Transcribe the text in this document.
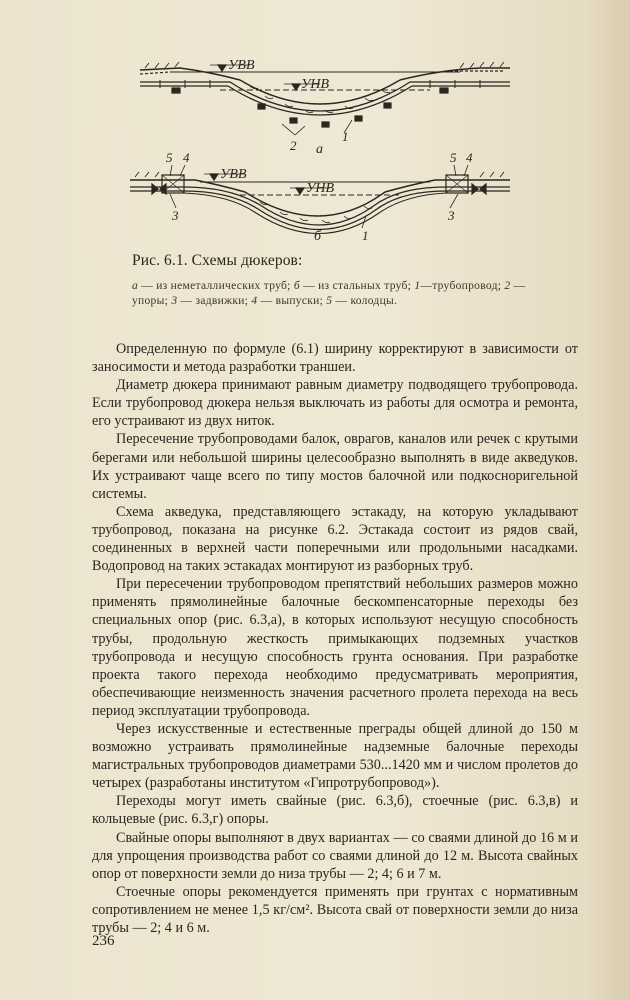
УВВ
УНВ
2 а
1
5 4
3
5 4
3
УВВ
УНВ
б	1
Рис. 6.1. Схемы дюкеров:
а — из неметаллических труб; б — из стальных труб; 1—трубопровод; 2 — упоры; 3 — задвижки; 4 — выпуски; 5 — колодцы.

Определенную по формуле (6.1) ширину корректируют в зависимости от заносимости и метода разработки траншеи.

Диаметр дюкера принимают равным диаметру подводящего трубопровода. Если трубопровод дюкера нельзя выключать из работы для осмотра и ремонта, его устраивают из двух ниток.

Пересечение трубопроводами балок, оврагов, каналов или речек с крутыми берегами или небольшой ширины целесообразно выполнять в виде акведуков. Их устраивают чаще всего по типу мостов балочной или подкосноригельной системы.

Схема акведука, представляющего эстакаду, на которую укладывают трубопровод, показана на рисунке 6.2. Эстакада состоит из рядов свай, соединенных в верхней части поперечными или продольными насадками. Водопровод на таких эстакадах монтируют из разборных труб.

При пересечении трубопроводом препятствий небольших размеров можно применять прямолинейные балочные бескомпенсаторные переходы без специальных опор (рис. 6.3,а), в которых используют несущую способность трубы, продольную жесткость примыкающих подземных участков трубопровода и несущую способность грунта основания. При разработке проекта такого перехода необходимо предусматривать мероприятия, обеспечивающие неизменность значения расчетного пролета перехода на весь период эксплуатации трубопровода.

Через искусственные и естественные преграды общей длиной до 150 м возможно устраивать прямолинейные надземные балочные переходы магистральных трубопроводов диаметрами 530...1420 мм и числом пролетов до четырех (разработаны институтом «Гипротрубопровод»).

Переходы могут иметь свайные (рис. 6.3,б), стоечные (рис. 6.3,в) и кольцевые (рис. 6.3,г) опоры.

Свайные опоры выполняют в двух вариантах — со сваями длиной до 16 м и для упрощения производства работ со сваями длиной до 12 м. Высота свайных опор от поверхности земли до низа трубы — 2; 4; 6 и 7 м.

Стоечные опоры рекомендуется применять при грунтах с нормативным сопротивлением не менее 1,5 кг/см². Высота свай от поверхности земли до низа трубы — 2; 4 и 6 м.

236
